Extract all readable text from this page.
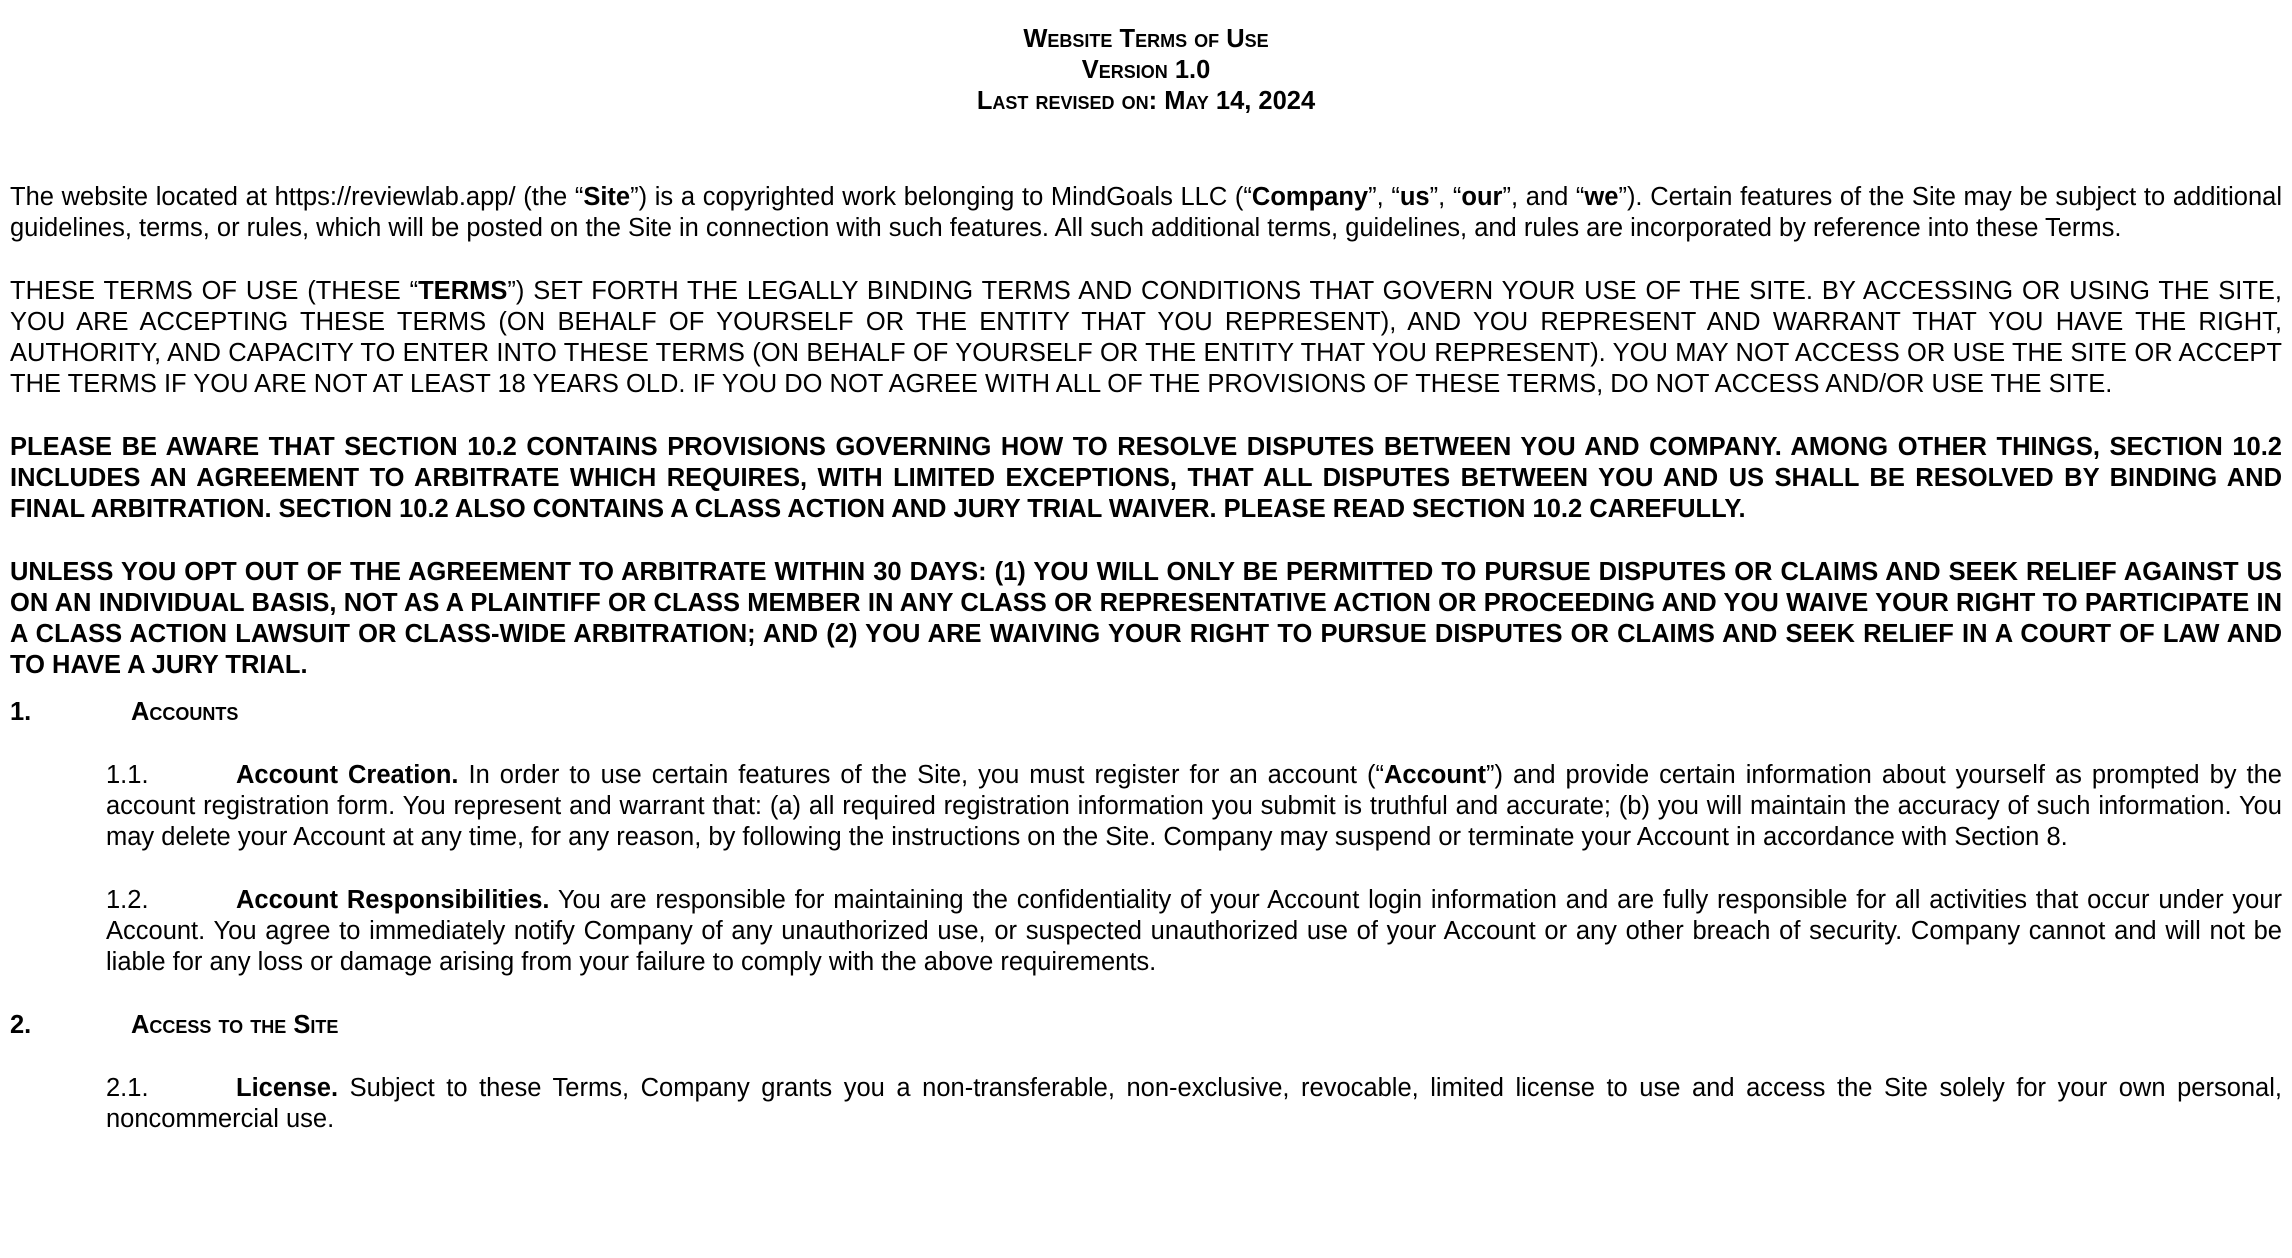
Website Terms of Use
Version 1.0
Last revised on: May 14, 2024

The website located at https://reviewlab.app/ (the “Site”) is a copyrighted work belonging to MindGoals LLC (“Company”, “us”, “our”, and “we”). Certain features of the Site may be subject to additional guidelines, terms, or rules, which will be posted on the Site in connection with such features. All such additional terms, guidelines, and rules are incorporated by reference into these Terms.

THESE TERMS OF USE (THESE “TERMS”) SET FORTH THE LEGALLY BINDING TERMS AND CONDITIONS THAT GOVERN YOUR USE OF THE SITE. BY ACCESSING OR USING THE SITE, YOU ARE ACCEPTING THESE TERMS (ON BEHALF OF YOURSELF OR THE ENTITY THAT YOU REPRESENT), AND YOU REPRESENT AND WARRANT THAT YOU HAVE THE RIGHT, AUTHORITY, AND CAPACITY TO ENTER INTO THESE TERMS (ON BEHALF OF YOURSELF OR THE ENTITY THAT YOU REPRESENT). YOU MAY NOT ACCESS OR USE THE SITE OR ACCEPT THE TERMS IF YOU ARE NOT AT LEAST 18 YEARS OLD. IF YOU DO NOT AGREE WITH ALL OF THE PROVISIONS OF THESE TERMS, DO NOT ACCESS AND/OR USE THE SITE.

PLEASE BE AWARE THAT SECTION 10.2 CONTAINS PROVISIONS GOVERNING HOW TO RESOLVE DISPUTES BETWEEN YOU AND COMPANY. AMONG OTHER THINGS, SECTION 10.2 INCLUDES AN AGREEMENT TO ARBITRATE WHICH REQUIRES, WITH LIMITED EXCEPTIONS, THAT ALL DISPUTES BETWEEN YOU AND US SHALL BE RESOLVED BY BINDING AND FINAL ARBITRATION. SECTION 10.2 ALSO CONTAINS A CLASS ACTION AND JURY TRIAL WAIVER. PLEASE READ SECTION 10.2 CAREFULLY.

UNLESS YOU OPT OUT OF THE AGREEMENT TO ARBITRATE WITHIN 30 DAYS: (1) YOU WILL ONLY BE PERMITTED TO PURSUE DISPUTES OR CLAIMS AND SEEK RELIEF AGAINST US ON AN INDIVIDUAL BASIS, NOT AS A PLAINTIFF OR CLASS MEMBER IN ANY CLASS OR REPRESENTATIVE ACTION OR PROCEEDING AND YOU WAIVE YOUR RIGHT TO PARTICIPATE IN A CLASS ACTION LAWSUIT OR CLASS-WIDE ARBITRATION; AND (2) YOU ARE WAIVING YOUR RIGHT TO PURSUE DISPUTES OR CLAIMS AND SEEK RELIEF IN A COURT OF LAW AND TO HAVE A JURY TRIAL.

1.	Accounts

1.1.	Account Creation. In order to use certain features of the Site, you must register for an account (“Account”) and provide certain information about yourself as prompted by the account registration form. You represent and warrant that: (a) all required registration information you submit is truthful and accurate; (b) you will maintain the accuracy of such information. You may delete your Account at any time, for any reason, by following the instructions on the Site. Company may suspend or terminate your Account in accordance with Section 8.

1.2.	Account Responsibilities. You are responsible for maintaining the confidentiality of your Account login information and are fully responsible for all activities that occur under your Account. You agree to immediately notify Company of any unauthorized use, or suspected unauthorized use of your Account or any other breach of security. Company cannot and will not be liable for any loss or damage arising from your failure to comply with the above requirements.

2.	Access to the Site

2.1.	License. Subject to these Terms, Company grants you a non-transferable, non-exclusive, revocable, limited license to use and access the Site solely for your own personal, noncommercial use.
